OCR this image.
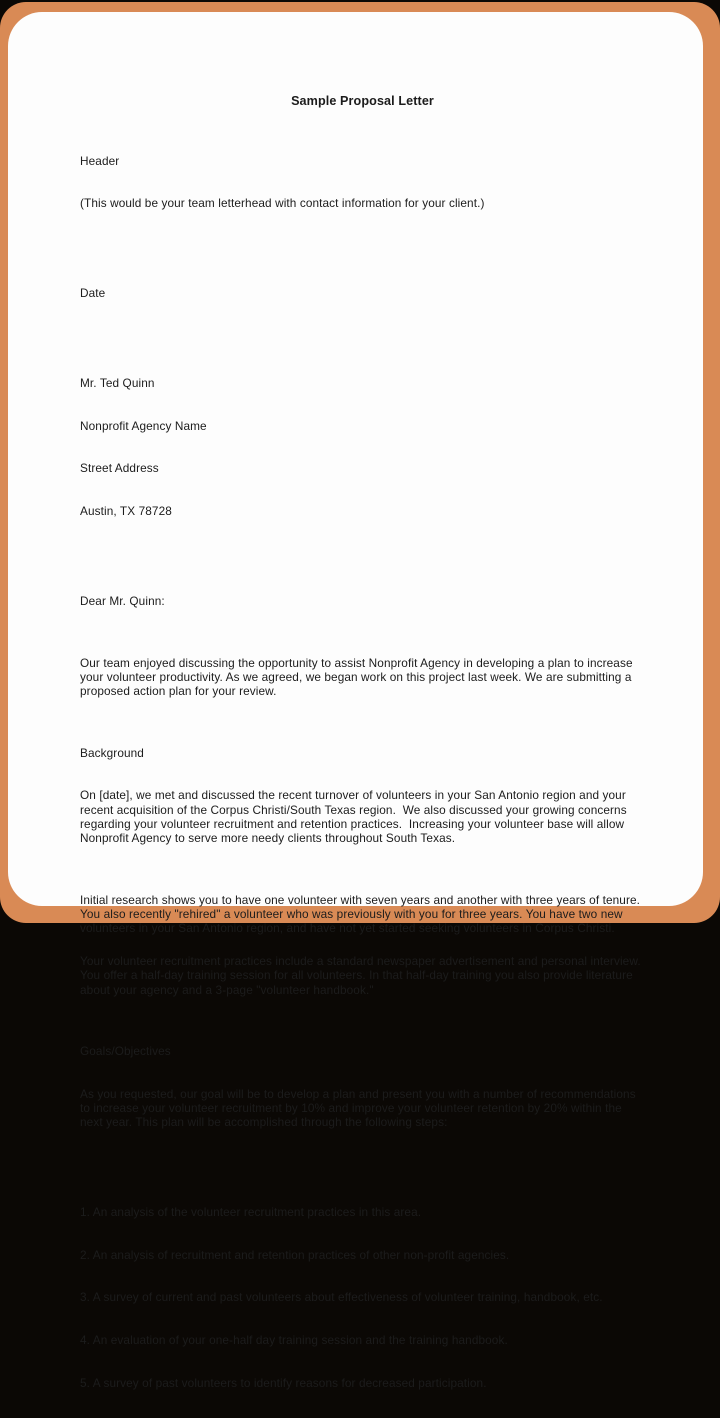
Sample Proposal Letter

Header

(This would be your team letterhead with contact information for your client.)

Date

Mr. Ted Quinn

Nonprofit Agency Name

Street Address

Austin, TX 78728

Dear Mr. Quinn:

Our team enjoyed discussing the opportunity to assist Nonprofit Agency in developing a plan to increase your volunteer productivity. As we agreed, we began work on this project last week. We are submitting a proposed action plan for your review.

Background

On [date], we met and discussed the recent turnover of volunteers in your San Antonio region and your recent acquisition of the Corpus Christi/South Texas region.  We also discussed your growing concerns regarding your volunteer recruitment and retention practices.  Increasing your volunteer base will allow Nonprofit Agency to serve more needy clients throughout South Texas.

Initial research shows you to have one volunteer with seven years and another with three years of tenure. You also recently "rehired" a volunteer who was previously with you for three years. You have two new volunteers in your San Antonio region, and have not yet started seeking volunteers in Corpus Christi.

Your volunteer recruitment practices include a standard newspaper advertisement and personal interview. You offer a half-day training session for all volunteers. In that half-day training you also provide literature about your agency and a 3-page "volunteer handbook."

Goals/Objectives

As you requested, our goal will be to develop a plan and present you with a number of recommendations to increase your volunteer recruitment by 10% and improve your volunteer retention by 20% within the next year. This plan will be accomplished through the following steps:

1. An analysis of the volunteer recruitment practices in this area.

2. An analysis of recruitment and retention practices of other non-profit agencies.

3. A survey of current and past volunteers about effectiveness of volunteer training, handbook, etc.

4. An evaluation of your one-half day training session and the training handbook.

5. A survey of past volunteers to identify reasons for decreased participation.
